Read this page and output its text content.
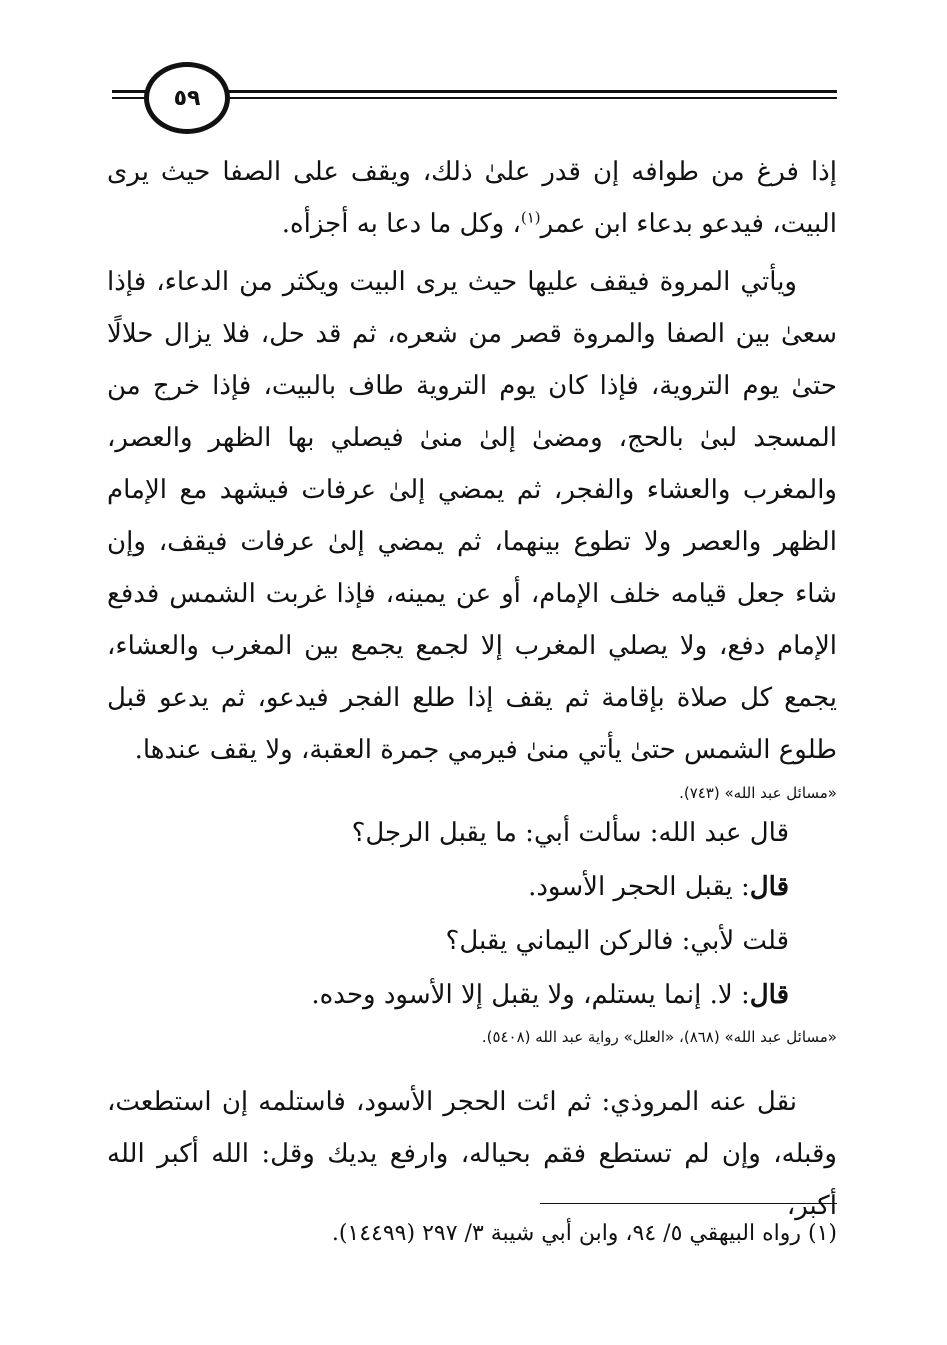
٥٩

إذا فرغ من طوافه إن قدر علىٰ ذلك، ويقف على الصفا حيث يرى البيت، فيدعو بدعاء ابن عمر$^{(١)}$، وكل ما دعا به أجزأه.

ويأتي المروة فيقف عليها حيث يرى البيت ويكثر من الدعاء، فإذا سعىٰ بين الصفا والمروة قصر من شعره، ثم قد حل، فلا يزال حلالًا حتىٰ يوم التروية، فإذا كان يوم التروية طاف بالبيت، فإذا خرج من المسجد لبىٰ بالحج، ومضىٰ إلىٰ منىٰ فيصلي بها الظهر والعصر، والمغرب والعشاء والفجر، ثم يمضي إلىٰ عرفات فيشهد مع الإمام الظهر والعصر ولا تطوع بينهما، ثم يمضي إلىٰ عرفات فيقف، وإن شاء جعل قيامه خلف الإمام، أو عن يمينه، فإذا غربت الشمس فدفع الإمام دفع، ولا يصلي المغرب إلا لجمع يجمع بين المغرب والعشاء، يجمع كل صلاة بإقامة ثم يقف إذا طلع الفجر فيدعو، ثم يدعو قبل طلوع الشمس حتىٰ يأتي منىٰ فيرمي جمرة العقبة، ولا يقف عندها.

«مسائل عبد الله» (٧٤٣).

قال عبد الله: سألت أبي: ما يقبل الرجل؟

قال: يقبل الحجر الأسود.

قلت لأبي: فالركن اليماني يقبل؟

قال: لا. إنما يستلم، ولا يقبل إلا الأسود وحده.

«مسائل عبد الله» (٨٦٨)، «العلل» رواية عبد الله (٥٤٠٨).

نقل عنه المروذي: ثم ائت الحجر الأسود، فاستلمه إن استطعت، وقبله، وإن لم تستطع فقم بحياله، وارفع يديك وقل: الله أكبر الله أكبر،

(١) رواه البيهقي ٥/ ٩٤، وابن أبي شيبة ٣/ ٢٩٧ (١٤٤٩٩).
